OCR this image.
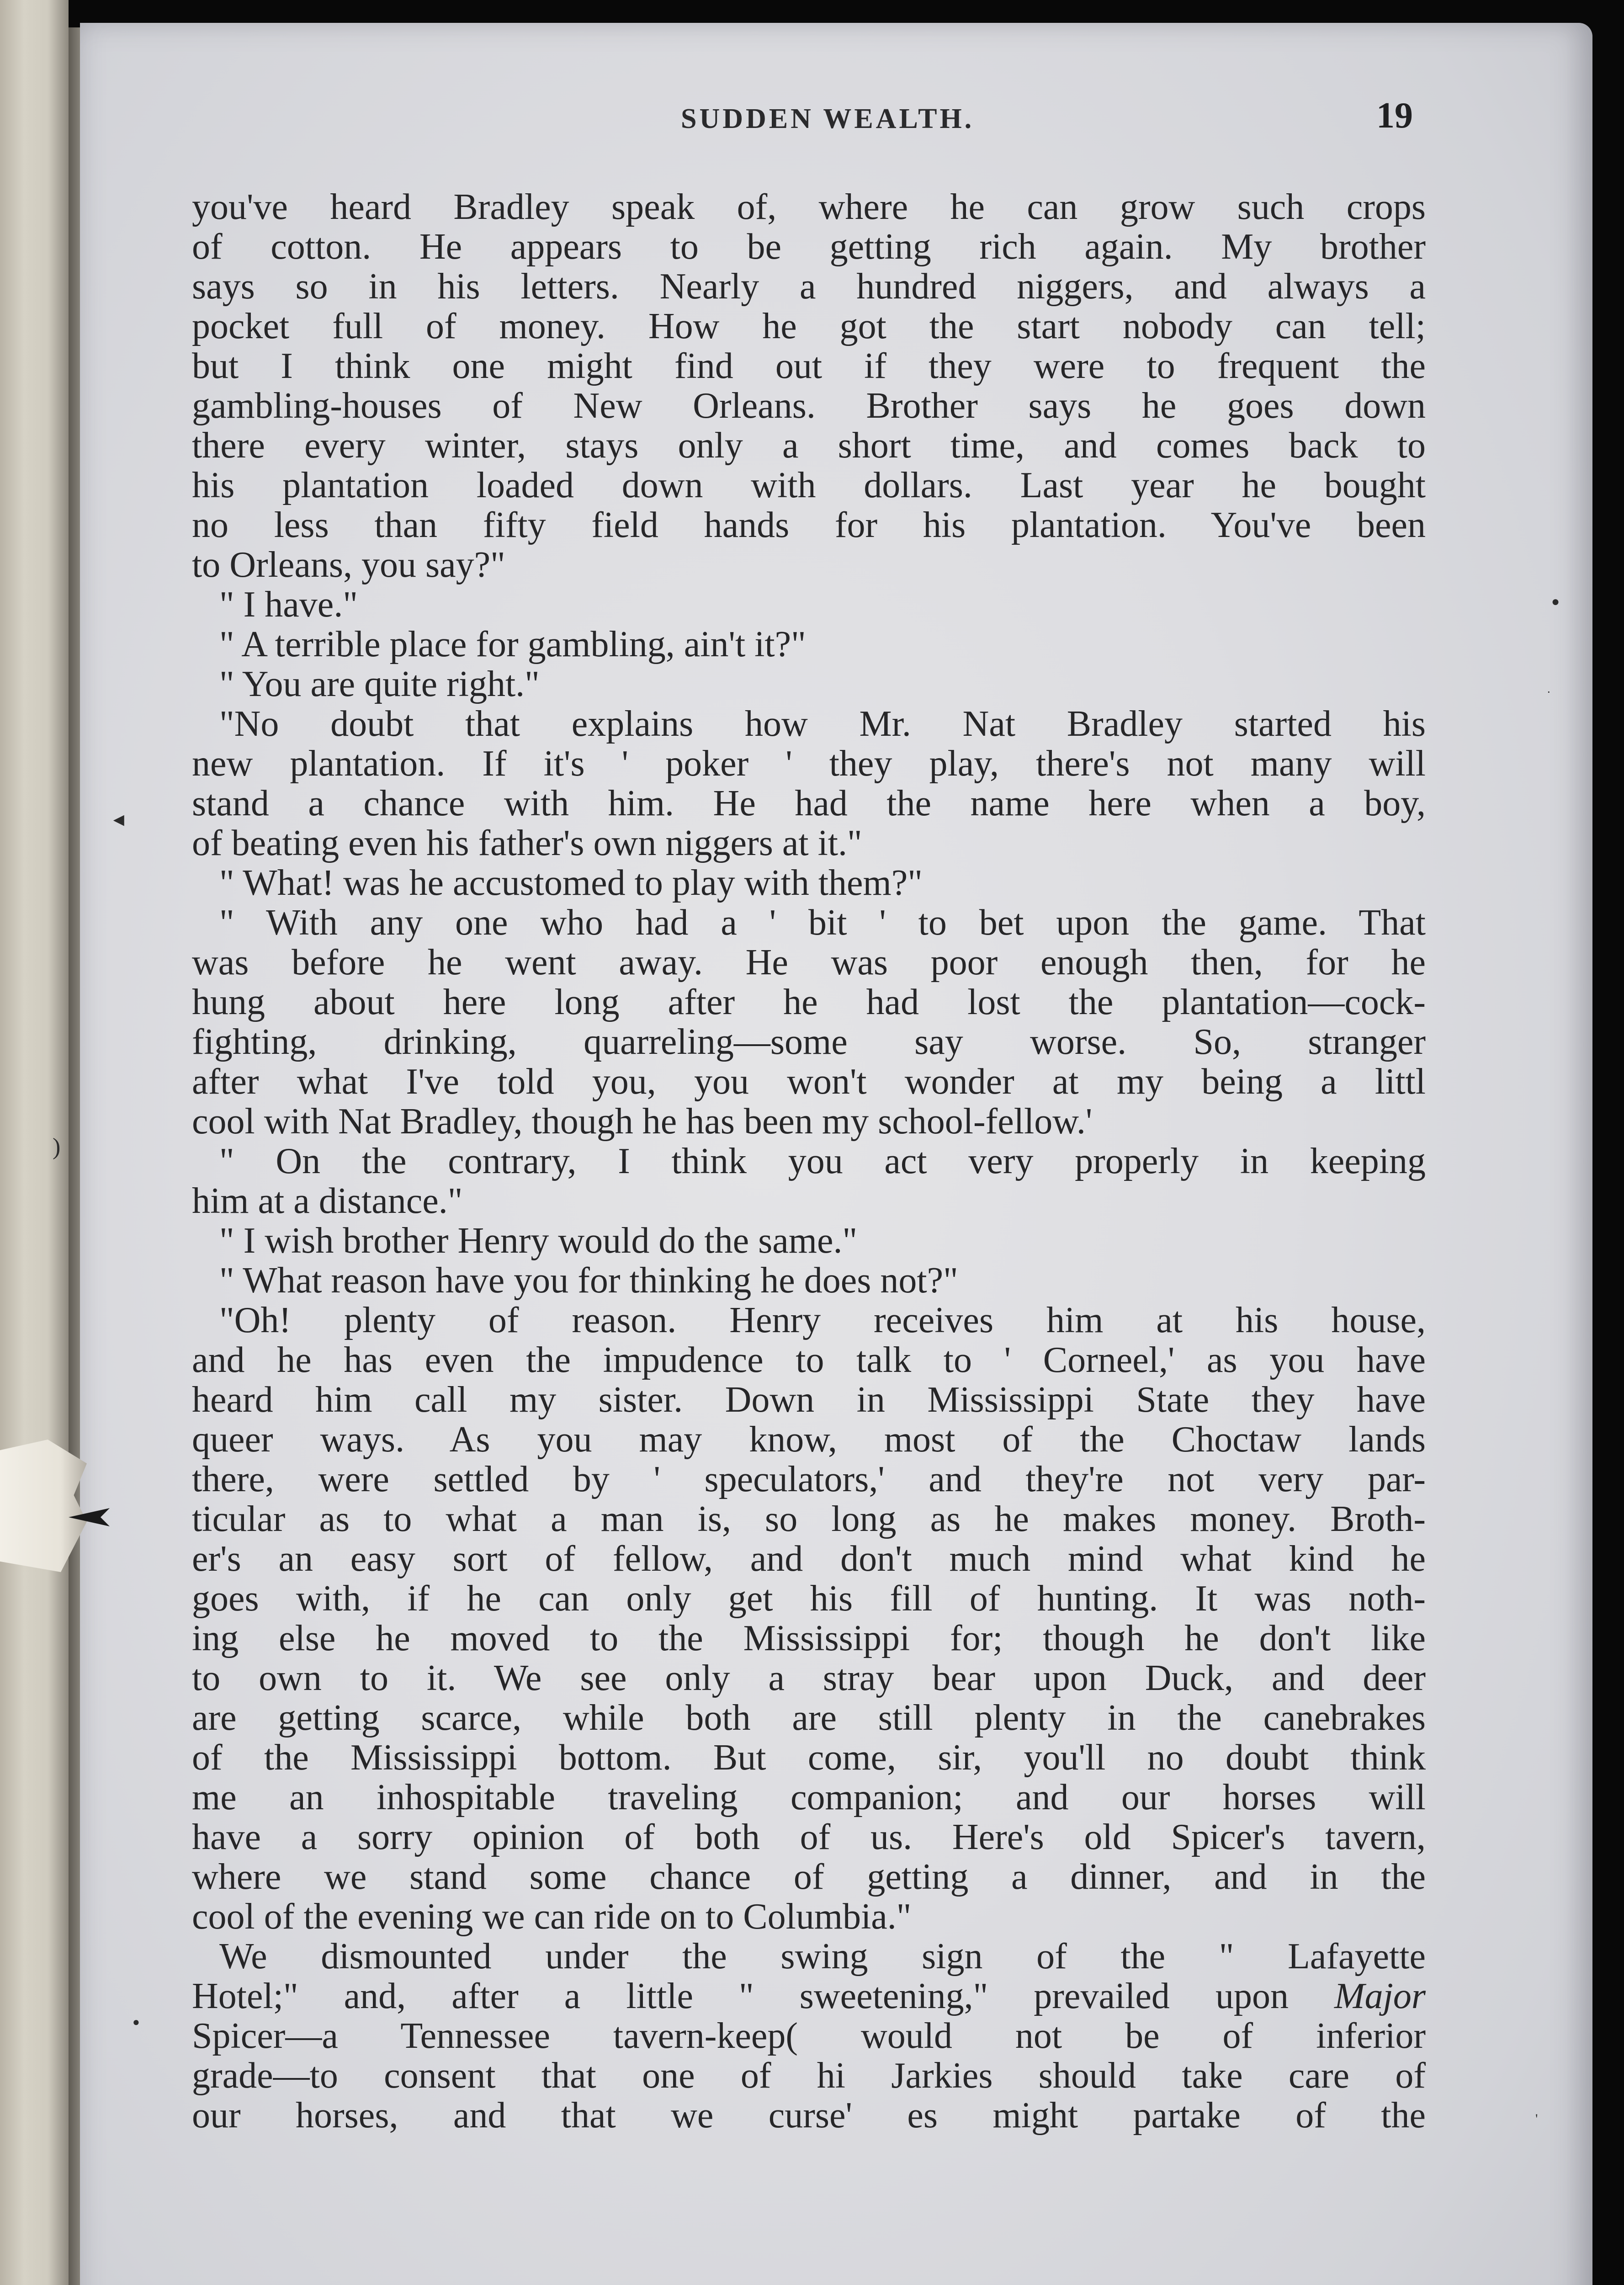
SUDDEN WEALTH.	19
you've heard Bradley speak of, where he can grow such crops
of cotton. He appears to be getting rich again. My brother
says so in his letters. Nearly a hundred niggers, and always a
pocket full of money. How he got the start nobody can tell;
but I think one might find out if they were to frequent the
gambling-houses of New Orleans. Brother says he goes down
there every winter, stays only a short time, and comes back to
his plantation loaded down with dollars. Last year he bought
no less than fifty field hands for his plantation. You've been
to Orleans, you say?"
" I have."
" A terrible place for gambling, ain't it?"
" You are quite right."
"No doubt that explains how Mr. Nat Bradley started his
new plantation. If it's ' poker ' they play, there's not many will
stand a chance with him. He had the name here when a boy,
of beating even his father's own niggers at it."
" What! was he accustomed to play with them?"
" With any one who had a ' bit ' to bet upon the game. That
was before he went away. He was poor enough then, for he
hung about here long after he had lost the plantation—cock-
fighting, drinking, quarreling—some say worse. So, stranger
after what I've told you, you won't wonder at my being a littl
cool with Nat Bradley, though he has been my school-fellow.'
" On the contrary, I think you act very properly in keeping
him at a distance."
" I wish brother Henry would do the same."
" What reason have you for thinking he does not?"
"Oh! plenty of reason. Henry receives him at his house,
and he has even the impudence to talk to ' Corneel,' as you have
heard him call my sister. Down in Mississippi State they have
queer ways. As you may know, most of the Choctaw lands
there, were settled by ' speculators,' and they're not very par-
ticular as to what a man is, so long as he makes money. Broth-
er's an easy sort of fellow, and don't much mind what kind he
goes with, if he can only get his fill of hunting. It was noth-
ing else he moved to the Mississippi for; though he don't like
to own to it. We see only a stray bear upon Duck, and deer
are getting scarce, while both are still plenty in the canebrakes
of the Mississippi bottom. But come, sir, you'll no doubt think
me an inhospitable traveling companion; and our horses will
have a sorry opinion of both of us. Here's old Spicer's tavern,
where we stand some chance of getting a dinner, and in the
cool of the evening we can ride on to Columbia."
We dismounted under the swing sign of the " Lafayette
Hotel;" and, after a little " sweetening," prevailed upon Major
Spicer—a Tennessee tavern-keep( would not be of inferior
grade—to consent that one of hi Jarkies should take care of
our horses, and that we curse' es might partake of the
◄
)
●
·
●
'
